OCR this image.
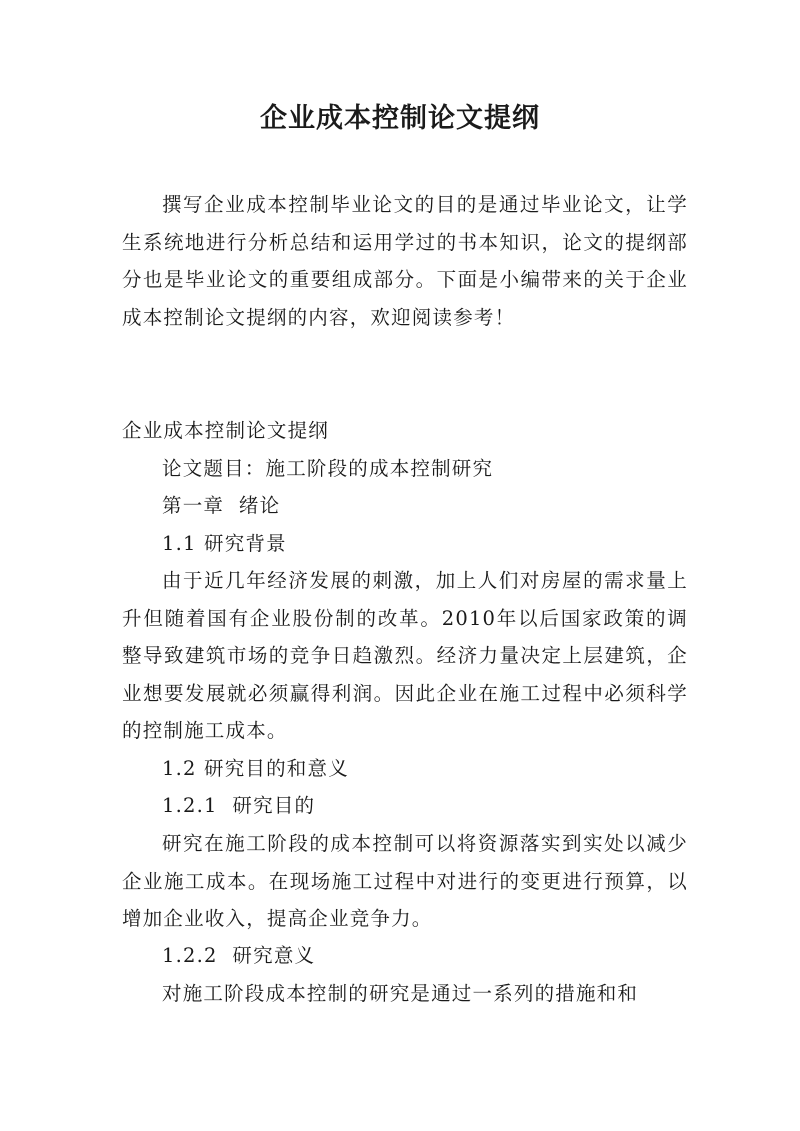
企业成本控制论文提纲

撰写企业成本控制毕业论文的目的是通过毕业论文，让学生系统地进行分析总结和运用学过的书本知识，论文的提纲部分也是毕业论文的重要组成部分。下面是小编带来的关于企业成本控制论文提纲的内容，欢迎阅读参考！

企业成本控制论文提纲

论文题目：施工阶段的成本控制研究

第一章  绪论

1.1 研究背景

由于近几年经济发展的刺激，加上人们对房屋的需求量上升但随着国有企业股份制的改革。2010年以后国家政策的调整导致建筑市场的竞争日趋激烈。经济力量决定上层建筑，企业想要发展就必须赢得利润。因此企业在施工过程中必须科学的控制施工成本。

1.2 研究目的和意义

1.2.1  研究目的

研究在施工阶段的成本控制可以将资源落实到实处以减少企业施工成本。在现场施工过程中对进行的变更进行预算，以增加企业收入，提高企业竞争力。

1.2.2  研究意义

对施工阶段成本控制的研究是通过一系列的措施和和
